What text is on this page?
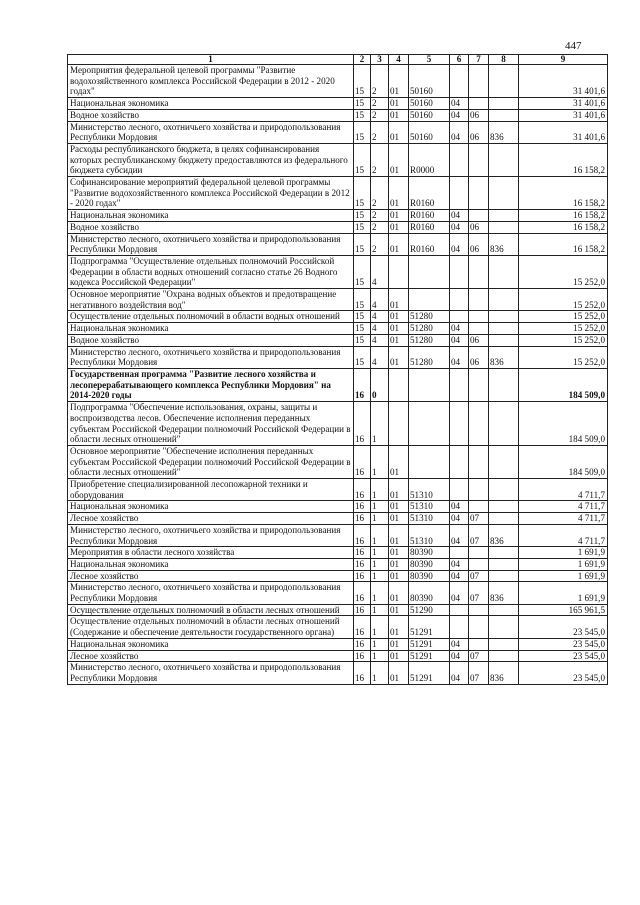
447
1	2	3	4	5	6	7	8	9
Мероприятия федеральной целевой программы "Развитие водохозяйственного комплекса Российской Федерации в 2012 - 2020 годах"	15	2	01	50160				31 401,6
Национальная экономика	15	2	01	50160	04			31 401,6
Водное хозяйство	15	2	01	50160	04	06		31 401,6
Министерство лесного, охотничьего хозяйства и природопользования Республики Мордовия	15	2	01	50160	04	06	836	31 401,6
Расходы республиканского бюджета, в целях софинансирования которых республиканскому бюджету предоставляются из федерального бюджета субсидии	15	2	01	R0000				16 158,2
Софинансирование мероприятий федеральной целевой программы "Развитие водохозяйственного комплекса Российской Федерации в 2012 - 2020 годах"	15	2	01	R0160				16 158,2
Национальная экономика	15	2	01	R0160	04			16 158,2
Водное хозяйство	15	2	01	R0160	04	06		16 158,2
Министерство лесного, охотничьего хозяйства и природопользования Республики Мордовия	15	2	01	R0160	04	06	836	16 158,2
Подпрограмма "Осуществление отдельных полномочий Российской Федерации в области водных отношений согласно статье 26 Водного кодекса Российской Федерации"	15	4						15 252,0
Основное мероприятие "Охрана водных объектов и предотвращение негативного воздействия вод"	15	4	01					15 252,0
Осуществление отдельных полномочий в области водных отношений	15	4	01	51280				15 252,0
Национальная экономика	15	4	01	51280	04			15 252,0
Водное хозяйство	15	4	01	51280	04	06		15 252,0
Министерство лесного, охотничьего хозяйства и природопользования Республики Мордовия	15	4	01	51280	04	06	836	15 252,0
Государственная программа "Развитие лесного хозяйства и лесоперерабатывающего комплекса Республики Мордовия" на 2014-2020 годы	16	0						184 509,0
Подпрограмма "Обеспечение использования, охраны, защиты и воспроизводства лесов. Обеспечение исполнения переданных субъектам Российской Федерации полномочий Российской Федерации в области лесных отношений"	16	1						184 509,0
Основное мероприятие "Обеспечение исполнения переданных субъектам Российской Федерации полномочий Российской Федерации в области лесных отношений"	16	1	01					184 509,0
Приобретение специализированной лесопожарной техники и оборудования	16	1	01	51310				4 711,7
Национальная экономика	16	1	01	51310	04			4 711,7
Лесное хозяйство	16	1	01	51310	04	07		4 711,7
Министерство лесного, охотничьего хозяйства и природопользования Республики Мордовия	16	1	01	51310	04	07	836	4 711,7
Мероприятия в области лесного хозяйства	16	1	01	80390				1 691,9
Национальная экономика	16	1	01	80390	04			1 691,9
Лесное хозяйство	16	1	01	80390	04	07		1 691,9
Министерство лесного, охотничьего хозяйства и природопользования Республики Мордовия	16	1	01	80390	04	07	836	1 691,9
Осуществление отдельных полномочий в области лесных отношений	16	1	01	51290				165 961,5
Осуществление отдельных полномочий в области лесных отношений (Содержание и обеспечение деятельности государственного органа)	16	1	01	51291				23 545,0
Национальная экономика	16	1	01	51291	04			23 545,0
Лесное хозяйство	16	1	01	51291	04	07		23 545,0
Министерство лесного, охотничьего хозяйства и природопользования Республики Мордовия	16	1	01	51291	04	07	836	23 545,0
